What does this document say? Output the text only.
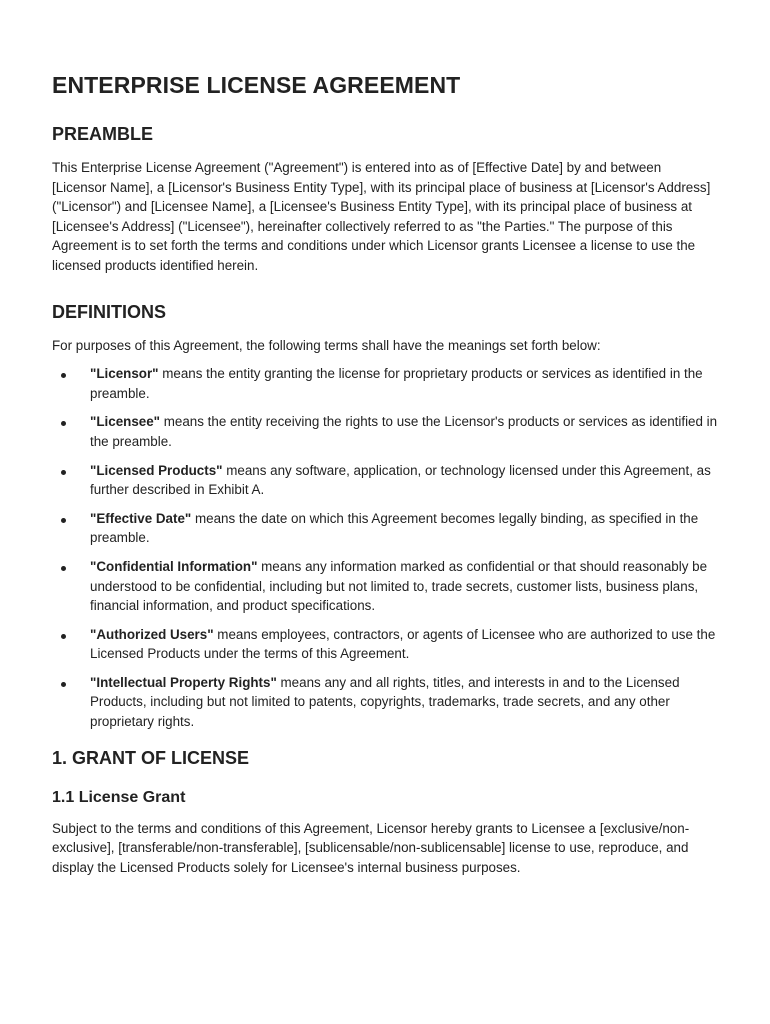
ENTERPRISE LICENSE AGREEMENT
PREAMBLE

This Enterprise License Agreement ("Agreement") is entered into as of [Effective Date] by and between [Licensor Name], a [Licensor's Business Entity Type], with its principal place of business at [Licensor's Address] ("Licensor") and [Licensee Name], a [Licensee's Business Entity Type], with its principal place of business at [Licensee's Address] ("Licensee"), hereinafter collectively referred to as "the Parties." The purpose of this Agreement is to set forth the terms and conditions under which Licensor grants Licensee a license to use the licensed products identified herein.

DEFINITIONS

For purposes of this Agreement, the following terms shall have the meanings set forth below:

"Licensor" means the entity granting the license for proprietary products or services as identified in the preamble.
"Licensee" means the entity receiving the rights to use the Licensor's products or services as identified in the preamble.
"Licensed Products" means any software, application, or technology licensed under this Agreement, as further described in Exhibit A.
"Effective Date" means the date on which this Agreement becomes legally binding, as specified in the preamble.
"Confidential Information" means any information marked as confidential or that should reasonably be understood to be confidential, including but not limited to, trade secrets, customer lists, business plans, financial information, and product specifications.
"Authorized Users" means employees, contractors, or agents of Licensee who are authorized to use the Licensed Products under the terms of this Agreement.
"Intellectual Property Rights" means any and all rights, titles, and interests in and to the Licensed Products, including but not limited to patents, copyrights, trademarks, trade secrets, and any other proprietary rights.
1. GRANT OF LICENSE
1.1 License Grant

Subject to the terms and conditions of this Agreement, Licensor hereby grants to Licensee a [exclusive/non-exclusive], [transferable/non-transferable], [sublicensable/non-sublicensable] license to use, reproduce, and display the Licensed Products solely for Licensee's internal business purposes.
